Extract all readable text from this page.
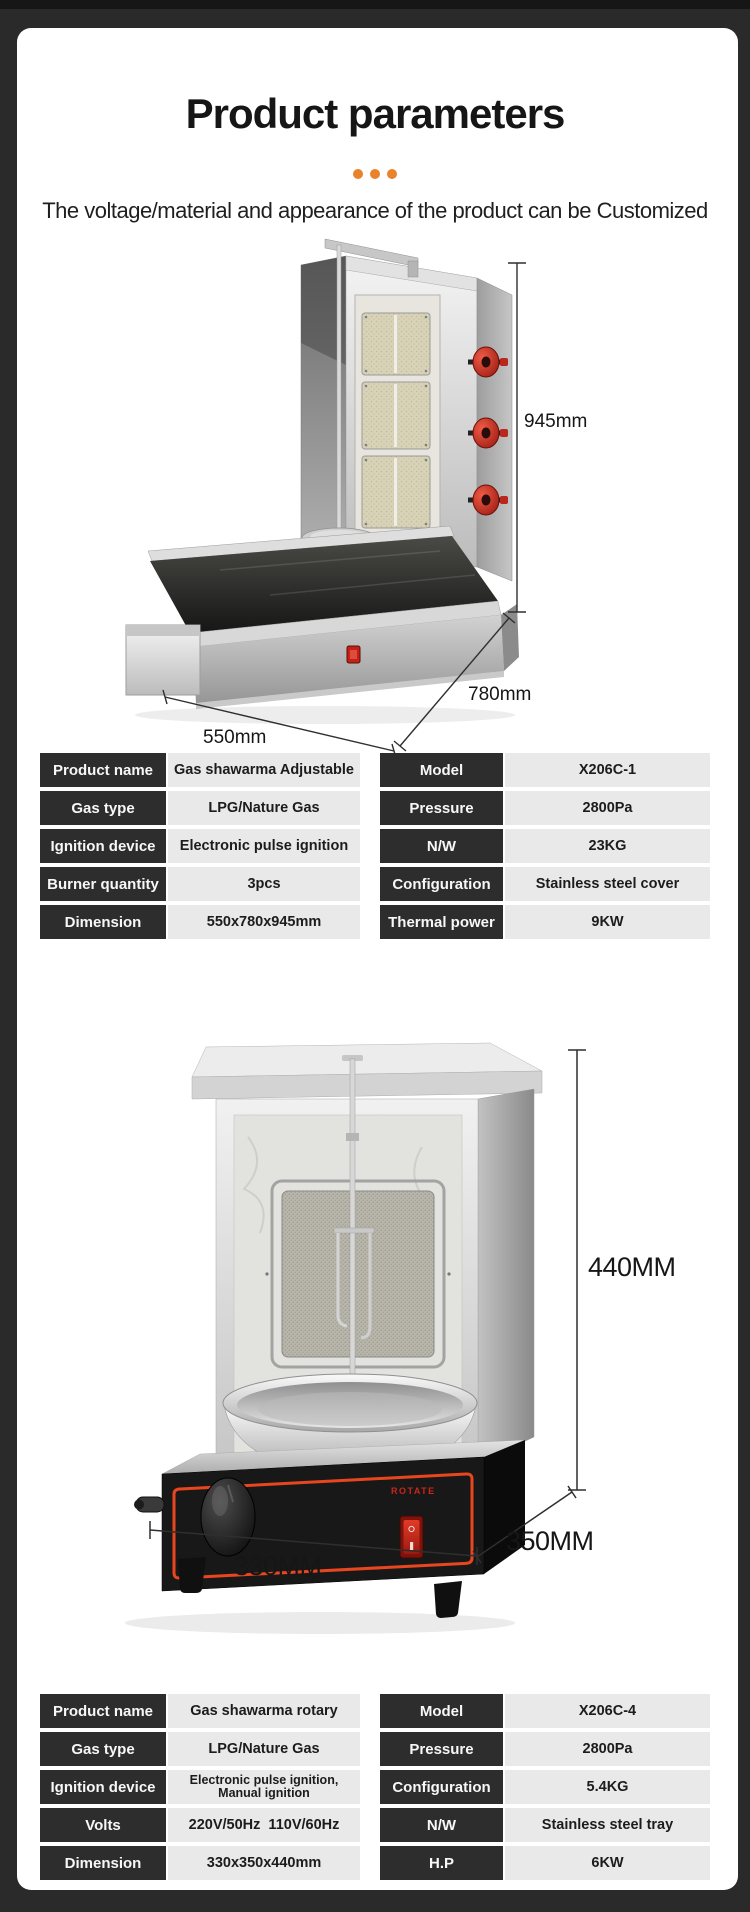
Product parameters
The voltage/material and appearance of the product can be Customized
945mm
780mm
550mm
Product name	Gas shawarma Adjustable	Model	X206C-1
Gas type	LPG/Nature Gas	Pressure	2800Pa
Ignition device	Electronic pulse ignition	N/W	23KG
Burner quantity	3pcs	Configuration	Stainless steel cover
Dimension	550x780x945mm	Thermal power	9KW
440MM
350MM
330MM
ROTATE
Product name	Gas shawarma rotary	Model	X206C-4
Gas type	LPG/Nature Gas	Pressure	2800Pa
Ignition device	Electronic pulse ignition, Manual ignition	Configuration	5.4KG
Volts	220V/50Hz  110V/60Hz	N/W	Stainless steel tray
Dimension	330x350x440mm	H.P	6KW
